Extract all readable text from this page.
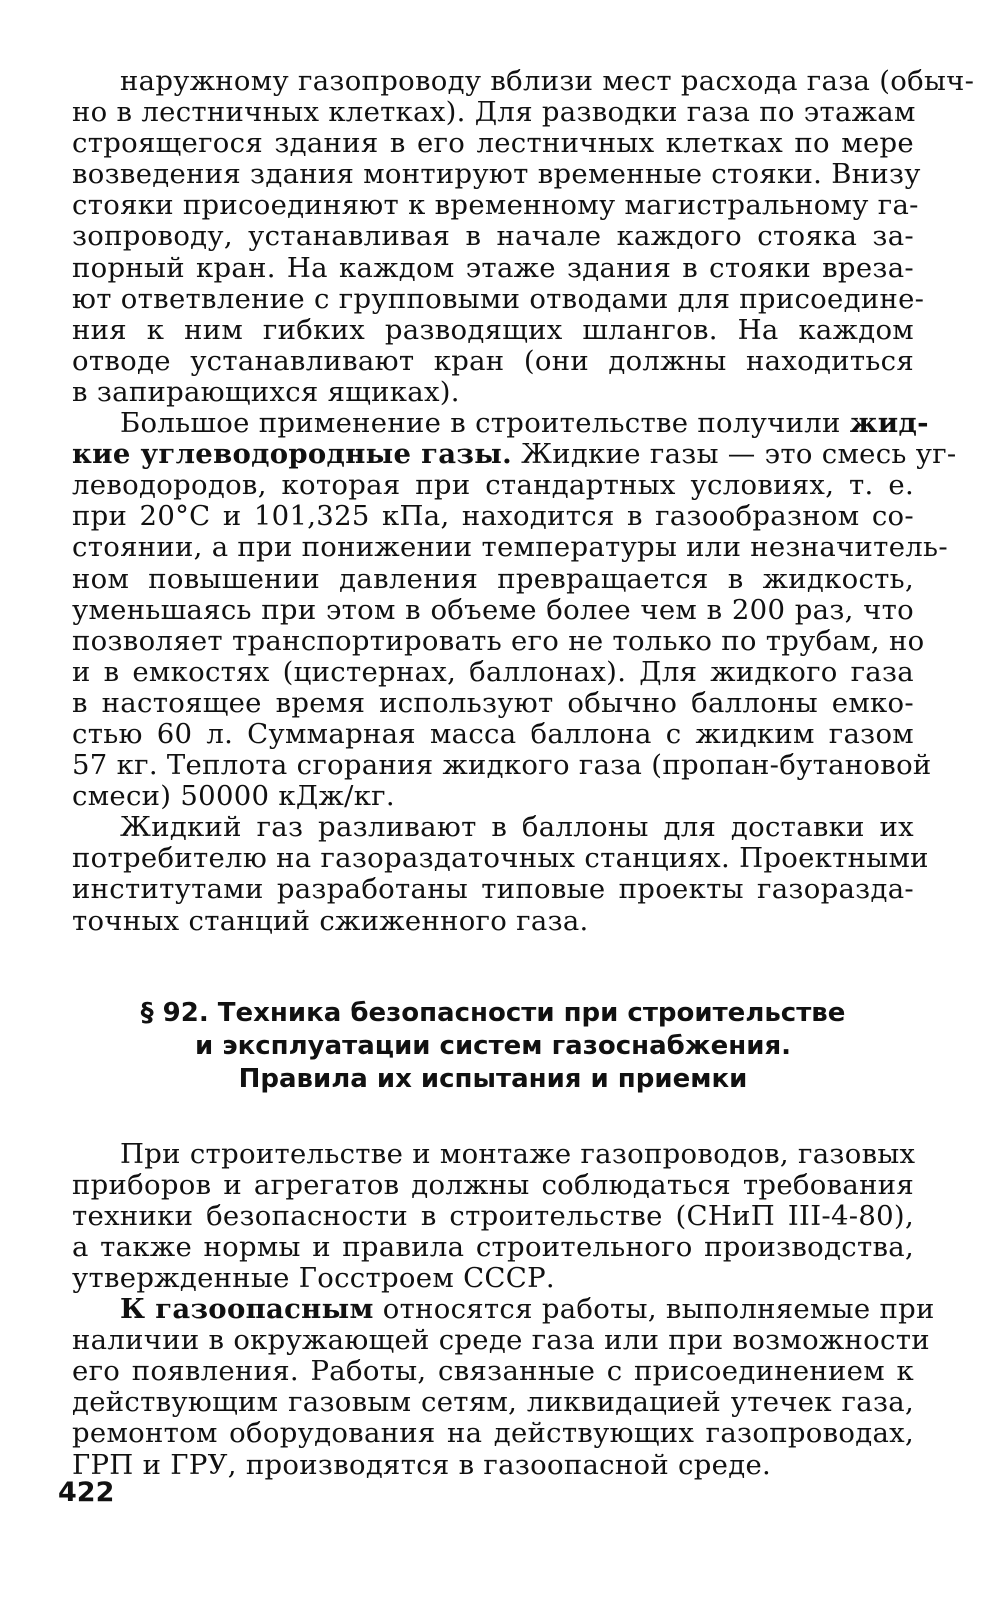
наружному газопроводу вблизи мест расхода газа (обыч-
но в лестничных клетках). Для разводки газа по этажам
строящегося здания в его лестничных клетках по мере
возведения здания монтируют временные стояки. Внизу
стояки присоединяют к временному магистральному га-
зопроводу, устанавливая в начале каждого стояка за-
порный кран. На каждом этаже здания в стояки вреза-
ют ответвление с групповыми отводами для присоедине-
ния к ним гибких разводящих шлангов. На каждом
отводе устанавливают кран (они должны находиться
в запирающихся ящиках).
Большое применение в строительстве получили жид-
кие углеводородные газы. Жидкие газы — это смесь уг-
леводородов, которая при стандартных условиях, т. е.
при 20°С и 101,325 кПа, находится в газообразном со-
стоянии, а при понижении температуры или незначитель-
ном повышении давления превращается в жидкость,
уменьшаясь при этом в объеме более чем в 200 раз, что
позволяет транспортировать его не только по трубам, но
и в емкостях (цистернах, баллонах). Для жидкого газа
в настоящее время используют обычно баллоны емко-
стью 60 л. Суммарная масса баллона с жидким газом
57 кг. Теплота сгорания жидкого газа (пропан-бутановой
смеси) 50000 кДж/кг.
Жидкий газ разливают в баллоны для доставки их
потребителю на газораздаточных станциях. Проектными
институтами разработаны типовые проекты газоразда-
точных станций сжиженного газа.
§ 92. Техника безопасности при строительстве
и эксплуатации систем газоснабжения.
Правила их испытания и приемки
При строительстве и монтаже газопроводов, газовых
приборов и агрегатов должны соблюдаться требования
техники безопасности в строительстве (СНиП III-4-80),
а также нормы и правила строительного производства,
утвержденные Госстроем СССР.
К газоопасным относятся работы, выполняемые при
наличии в окружающей среде газа или при возможности
его появления. Работы, связанные с присоединением к
действующим газовым сетям, ликвидацией утечек газа,
ремонтом оборудования на действующих газопроводах,
ГРП и ГРУ, производятся в газоопасной среде.
422
